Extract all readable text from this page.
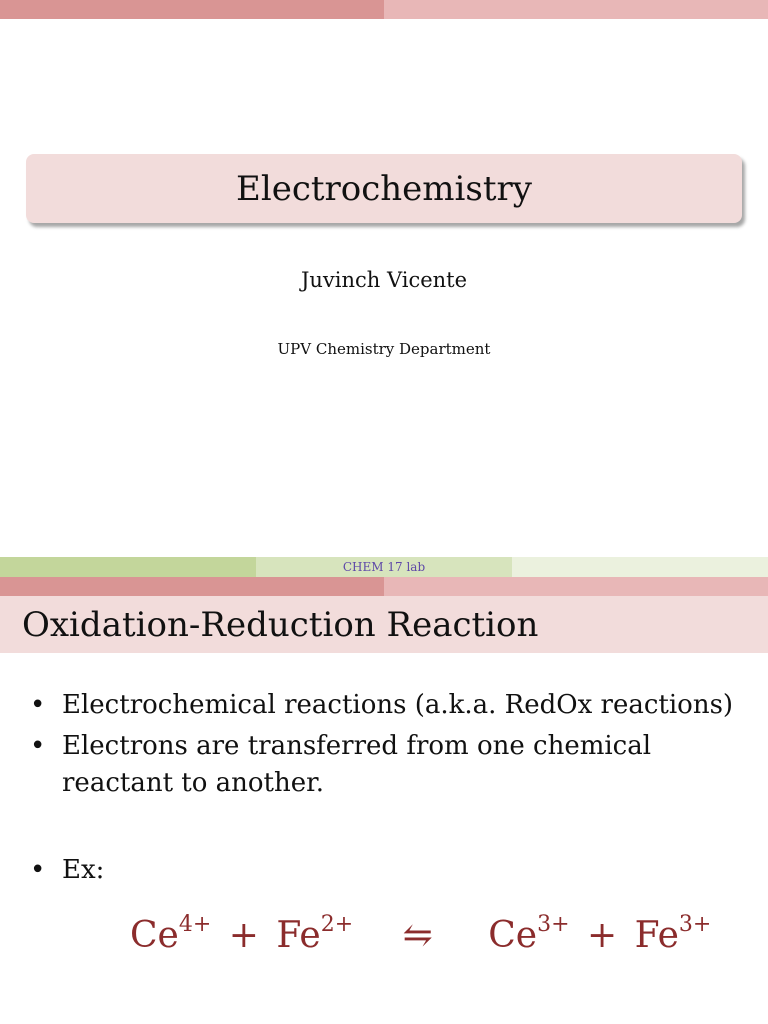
Electrochemistry
Juvinch Vicente
UPV Chemistry Department
CHEM 17 lab
Oxidation-Reduction Reaction
• Electrochemical reactions (a.k.a. RedOx reactions)
• Electrons are transferred from one chemical reactant to another.
• Ex:
$Ce^{4+} + Fe^{2+}$ ⇋ $Ce^{3+} + Fe^{3+}$
